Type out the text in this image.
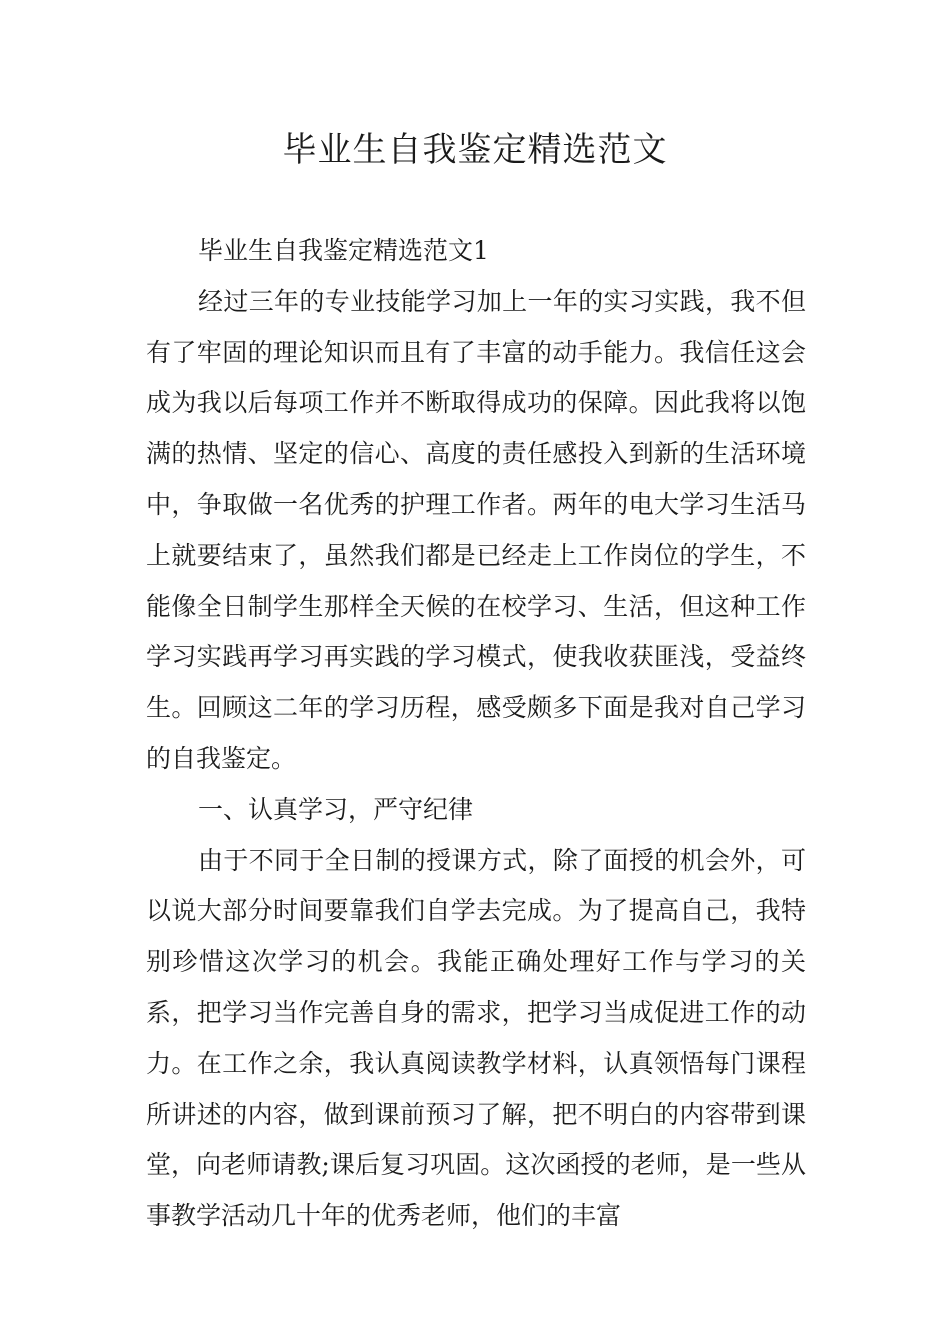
毕业生自我鉴定精选范文

毕业生自我鉴定精选范文1

经过三年的专业技能学习加上一年的实习实践，我不但有了牢固的理论知识而且有了丰富的动手能力。我信任这会成为我以后每项工作并不断取得成功的保障。因此我将以饱满的热情、坚定的信心、高度的责任感投入到新的生活环境中，争取做一名优秀的护理工作者。两年的电大学习生活马上就要结束了，虽然我们都是已经走上工作岗位的学生，不能像全日制学生那样全天候的在校学习、生活，但这种工作学习实践再学习再实践的学习模式，使我收获匪浅，受益终生。回顾这二年的学习历程，感受颇多下面是我对自己学习的自我鉴定。

一、认真学习，严守纪律

由于不同于全日制的授课方式，除了面授的机会外，可以说大部分时间要靠我们自学去完成。为了提高自己，我特别珍惜这次学习的机会。我能正确处理好工作与学习的关系，把学习当作完善自身的需求，把学习当成促进工作的动力。在工作之余，我认真阅读教学材料，认真领悟每门课程所讲述的内容，做到课前预习了解，把不明白的内容带到课堂，向老师请教;课后复习巩固。这次函授的老师，是一些从事教学活动几十年的优秀老师，他们的丰富
